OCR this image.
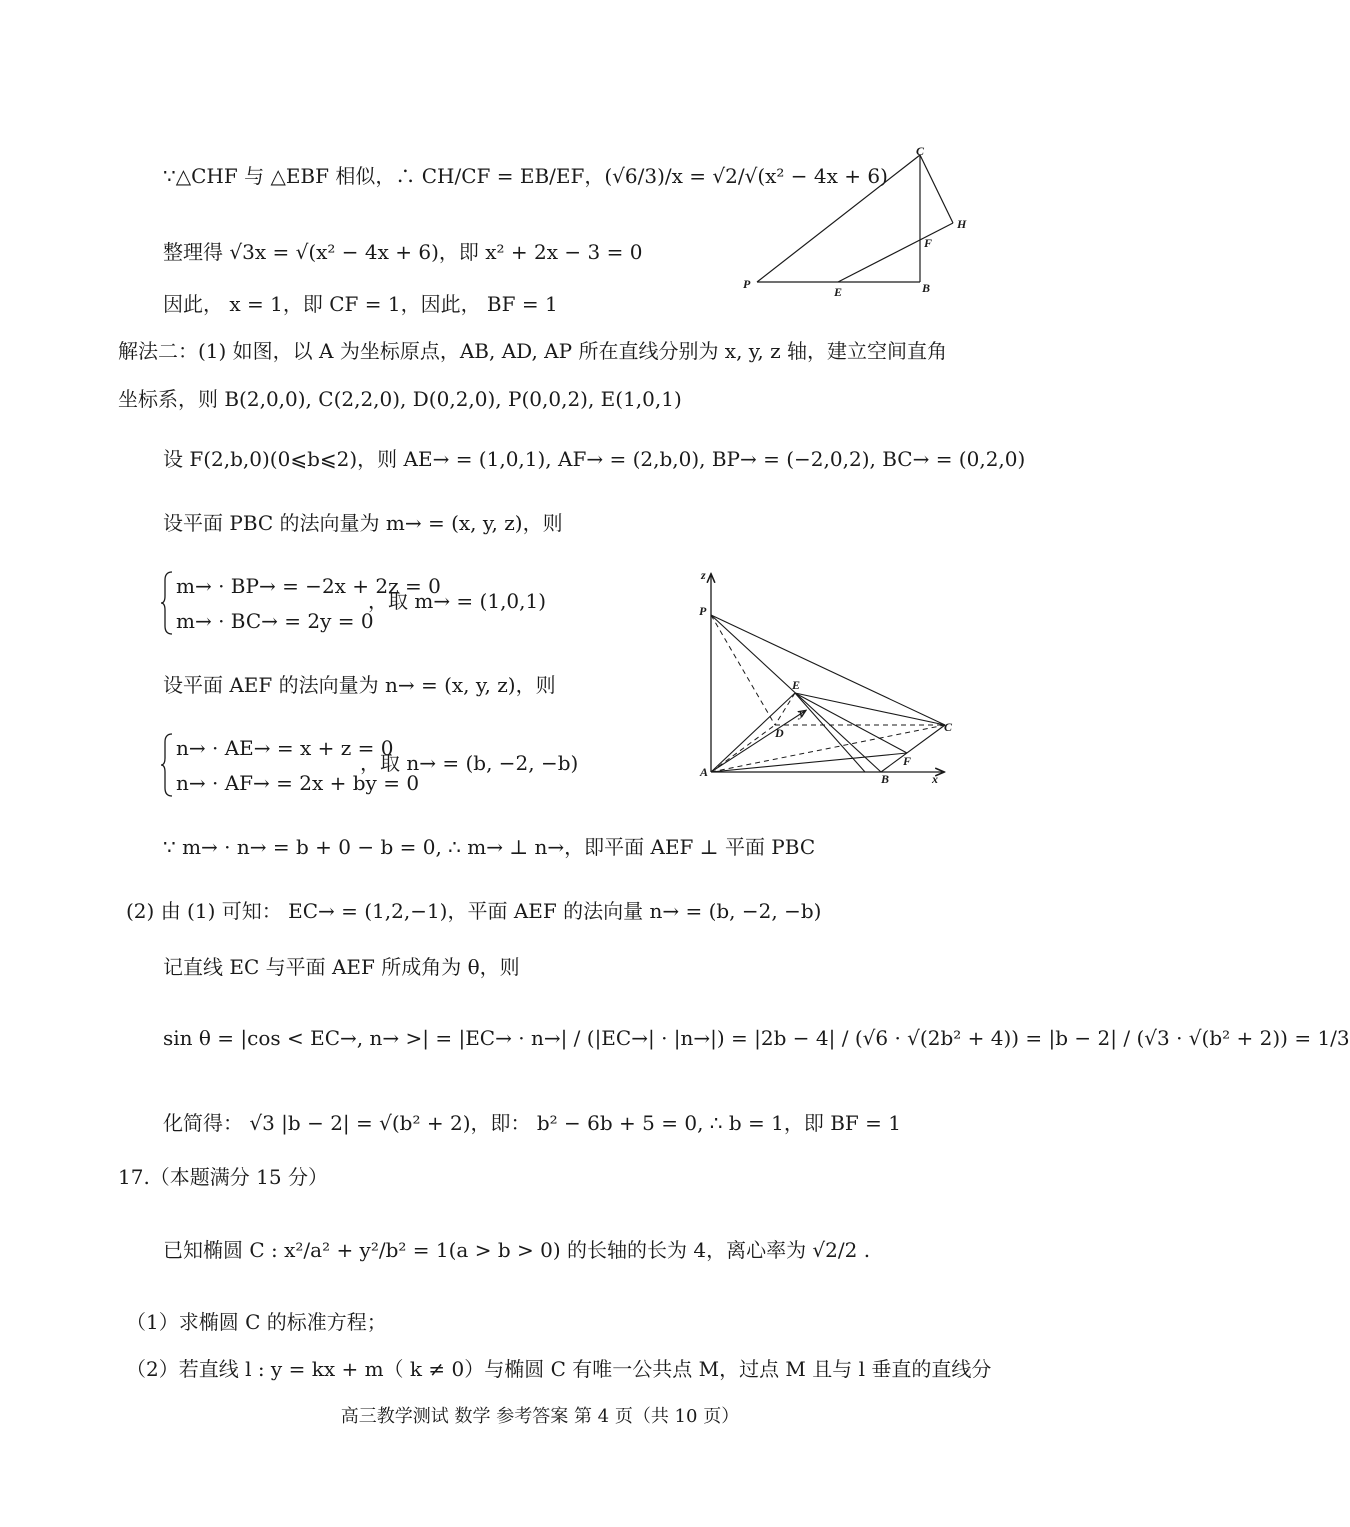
∵△CHF 与 △EBF 相似，∴ CH/CF = EB/EF，(√6/3)/x = √2/√(x² − 4x + 6)
整理得 √3x = √(x² − 4x + 6)，即 x² + 2x − 3 = 0
因此， x = 1，即 CF = 1，因此， BF = 1
C
H
F
P
E	B
解法二：(1) 如图，以 A 为坐标原点，AB, AD, AP 所在直线分别为 x, y, z 轴，建立空间直角
坐标系，则 B(2,0,0), C(2,2,0), D(0,2,0), P(0,0,2), E(1,0,1)
设 F(2,b,0)(0⩽b⩽2)，则 AE→ = (1,0,1), AF→ = (2,b,0), BP→ = (−2,0,2), BC→ = (0,2,0)
设平面 PBC 的法向量为 m→ = (x, y, z)，则
m→ · BP→ = −2x + 2z = 0
，取 m→ = (1,0,1)
m→ · BC→ = 2y = 0
设平面 AEF 的法向量为 n→ = (x, y, z)，则
n→ · AE→ = x + z = 0
，取 n→ = (b, −2, −b)
n→ · AF→ = 2x + by = 0
z
P
E
y
D	C
A	B
F
x
∵ m→ · n→ = b + 0 − b = 0, ∴ m→ ⊥ n→，即平面 AEF ⊥ 平面 PBC
(2) 由 (1) 可知： EC→ = (1,2,−1)，平面 AEF 的法向量 n→ = (b, −2, −b)
记直线 EC 与平面 AEF 所成角为 θ，则
sin θ = |cos < EC→, n→ >| = |EC→ · n→| / (|EC→| · |n→|) = |2b − 4| / (√6 · √(2b² + 4)) = |b − 2| / (√3 · √(b² + 2)) = 1/3
化简得： √3 |b − 2| = √(b² + 2)，即： b² − 6b + 5 = 0, ∴ b = 1，即 BF = 1
17.（本题满分 15 分）
已知椭圆 C : x²/a² + y²/b² = 1(a > b > 0) 的长轴的长为 4，离心率为 √2/2 .
（1）求椭圆 C 的标准方程；
（2）若直线 l : y = kx + m（ k ≠ 0）与椭圆 C 有唯一公共点 M，过点 M 且与 l 垂直的直线分
高三教学测试 数学 参考答案 第 4 页（共 10 页）
